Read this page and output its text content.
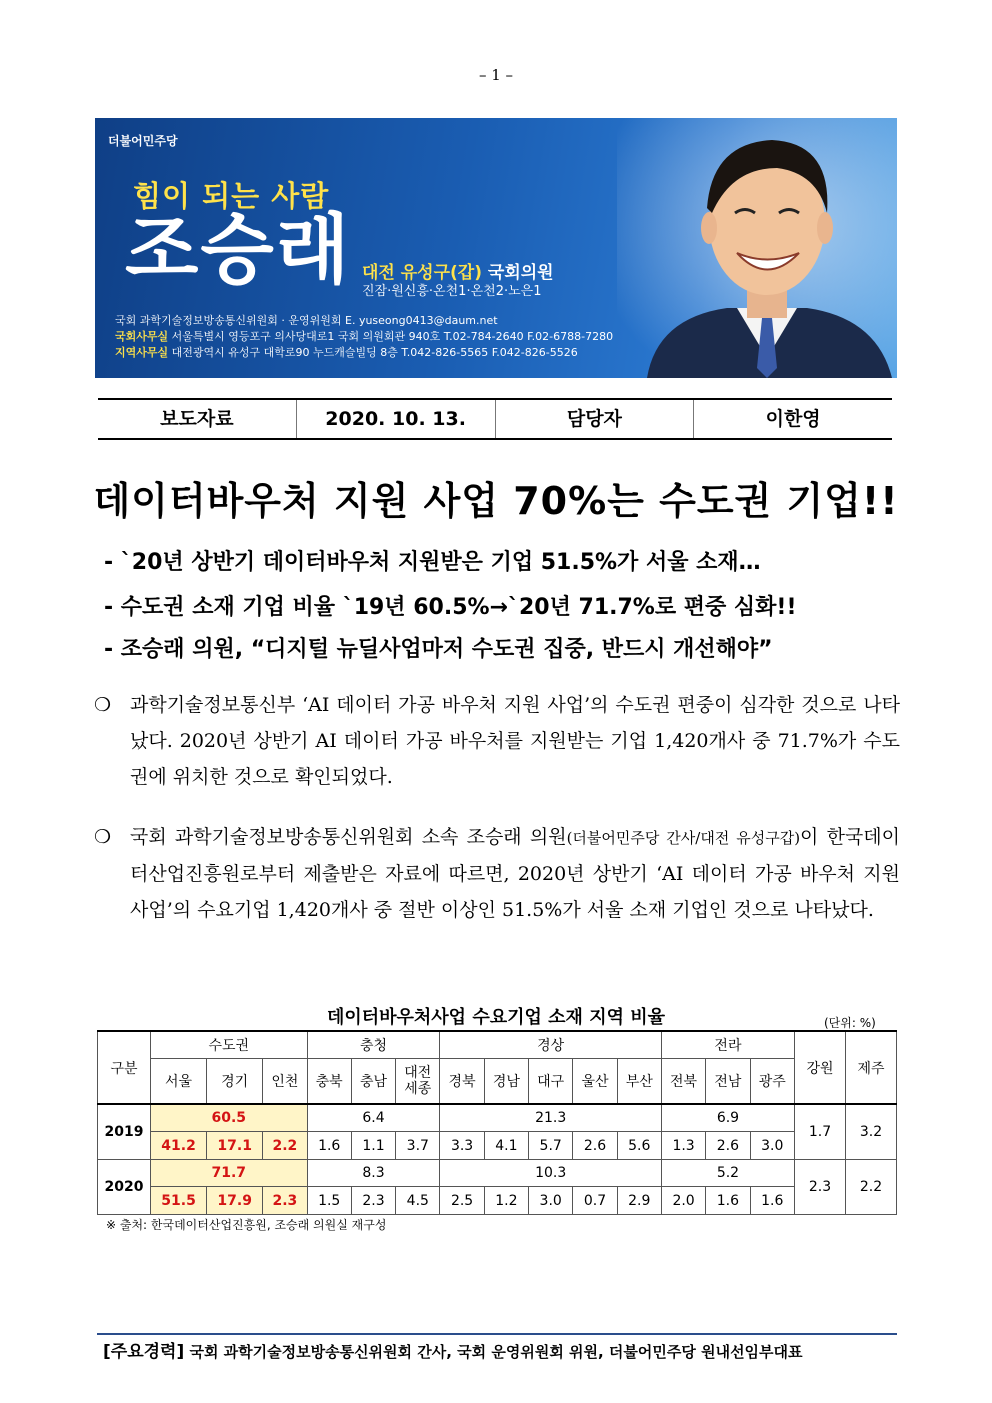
– 1 –
더불어민주당
힘이 되는 사람
조승래 대전 유성구(갑) 국회의원
진잠·원신흥·온천1·온천2·노은1
국회 과학기술정보방송통신위원회 · 운영위원회 E. yuseong0413@daum.net
국회사무실 서울특별시 영등포구 의사당대로1 국회 의원회관 940호 T.02-784-2640 F.02-6788-7280
지역사무실 대전광역시 유성구 대학로90 누드캐슬빌딩 8층 T.042-826-5565 F.042-826-5526
보도자료	2020. 10. 13.	담당자	이한영
데이터바우처 지원 사업 70%는 수도권 기업!!
- `20년 상반기 데이터바우처 지원받은 기업 51.5%가 서울 소재…
- 수도권 소재 기업 비율 `19년 60.5%→`20년 71.7%로 편중 심화!!
- 조승래 의원, “디지털 뉴딜사업마저 수도권 집중, 반드시 개선해야”
❍ 과학기술정보통신부 ‘AI 데이터 가공 바우처 지원 사업’의 수도권 편중이 심각한 것으로 나타났다. 2020년 상반기 AI 데이터 가공 바우처를 지원받는 기업 1,420개사 중 71.7%가 수도권에 위치한 것으로 확인되었다.
❍ 국회 과학기술정보방송통신위원회 소속 조승래 의원(더불어민주당 간사/대전 유성구갑)이 한국데이터산업진흥원로부터 제출받은 자료에 따르면, 2020년 상반기 ‘AI 데이터 가공 바우처 지원 사업’의 수요기업 1,420개사 중 절반 이상인 51.5%가 서울 소재 기업인 것으로 나타났다.
데이터바우처사업 수요기업 소재 지역 비율	(단위: %)
구분	수도권			충청			경상					전라			강원	제주
	서울	경기	인천	충북	충남	대전
세종	경북	경남	대구	울산	부산	전북	전남	광주		
2019	60.5			6.4			21.3					6.9			1.7	3.2
	41.2	17.1	2.2	1.6	1.1	3.7	3.3	4.1	5.7	2.6	5.6	1.3	2.6	3.0		
2020	71.7			8.3			10.3					5.2			2.3	2.2
	51.5	17.9	2.3	1.5	2.3	4.5	2.5	1.2	3.0	0.7	2.9	2.0	1.6	1.6		
※ 출처: 한국데이터산업진흥원, 조승래 의원실 재구성
[주요경력] 국회 과학기술정보방송통신위원회 간사, 국회 운영위원회 위원, 더불어민주당 원내선임부대표
